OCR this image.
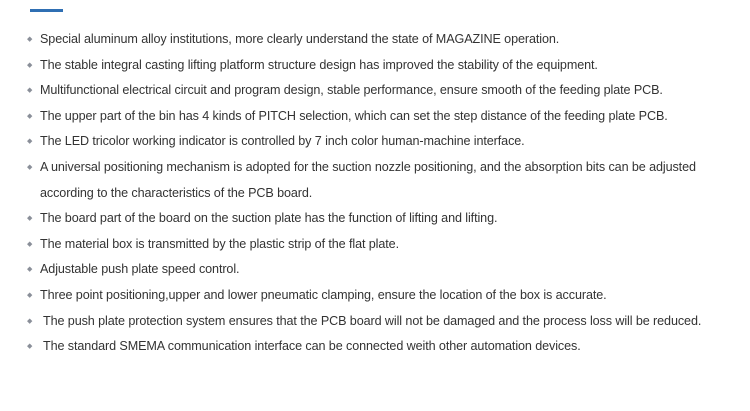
◆ Special aluminum alloy institutions, more clearly understand the state of MAGAZINE operation.
◆ The stable integral casting lifting platform structure design has improved the stability of the equipment.
◆ Multifunctional electrical circuit and program design, stable performance, ensure smooth of the feeding plate PCB.
◆ The upper part of the bin has 4 kinds of PITCH selection, which can set the step distance of the feeding plate PCB.
◆ The LED tricolor working indicator is controlled by 7 inch color human-machine interface.
◆ A universal positioning mechanism is adopted for the suction nozzle positioning, and the absorption bits can be adjusted according to the characteristics of the PCB board.
◆ The board part of the board on the suction plate has the function of lifting and lifting.
◆ The material box is transmitted by the plastic strip of the flat plate.
◆ Adjustable push plate speed control.
◆ Three point positioning,upper and lower pneumatic clamping, ensure the location of the box is accurate.
◆ The push plate protection system ensures that the PCB board will not be damaged and the process loss will be reduced.
◆ The standard SMEMA communication interface can be connected weith other automation devices.
